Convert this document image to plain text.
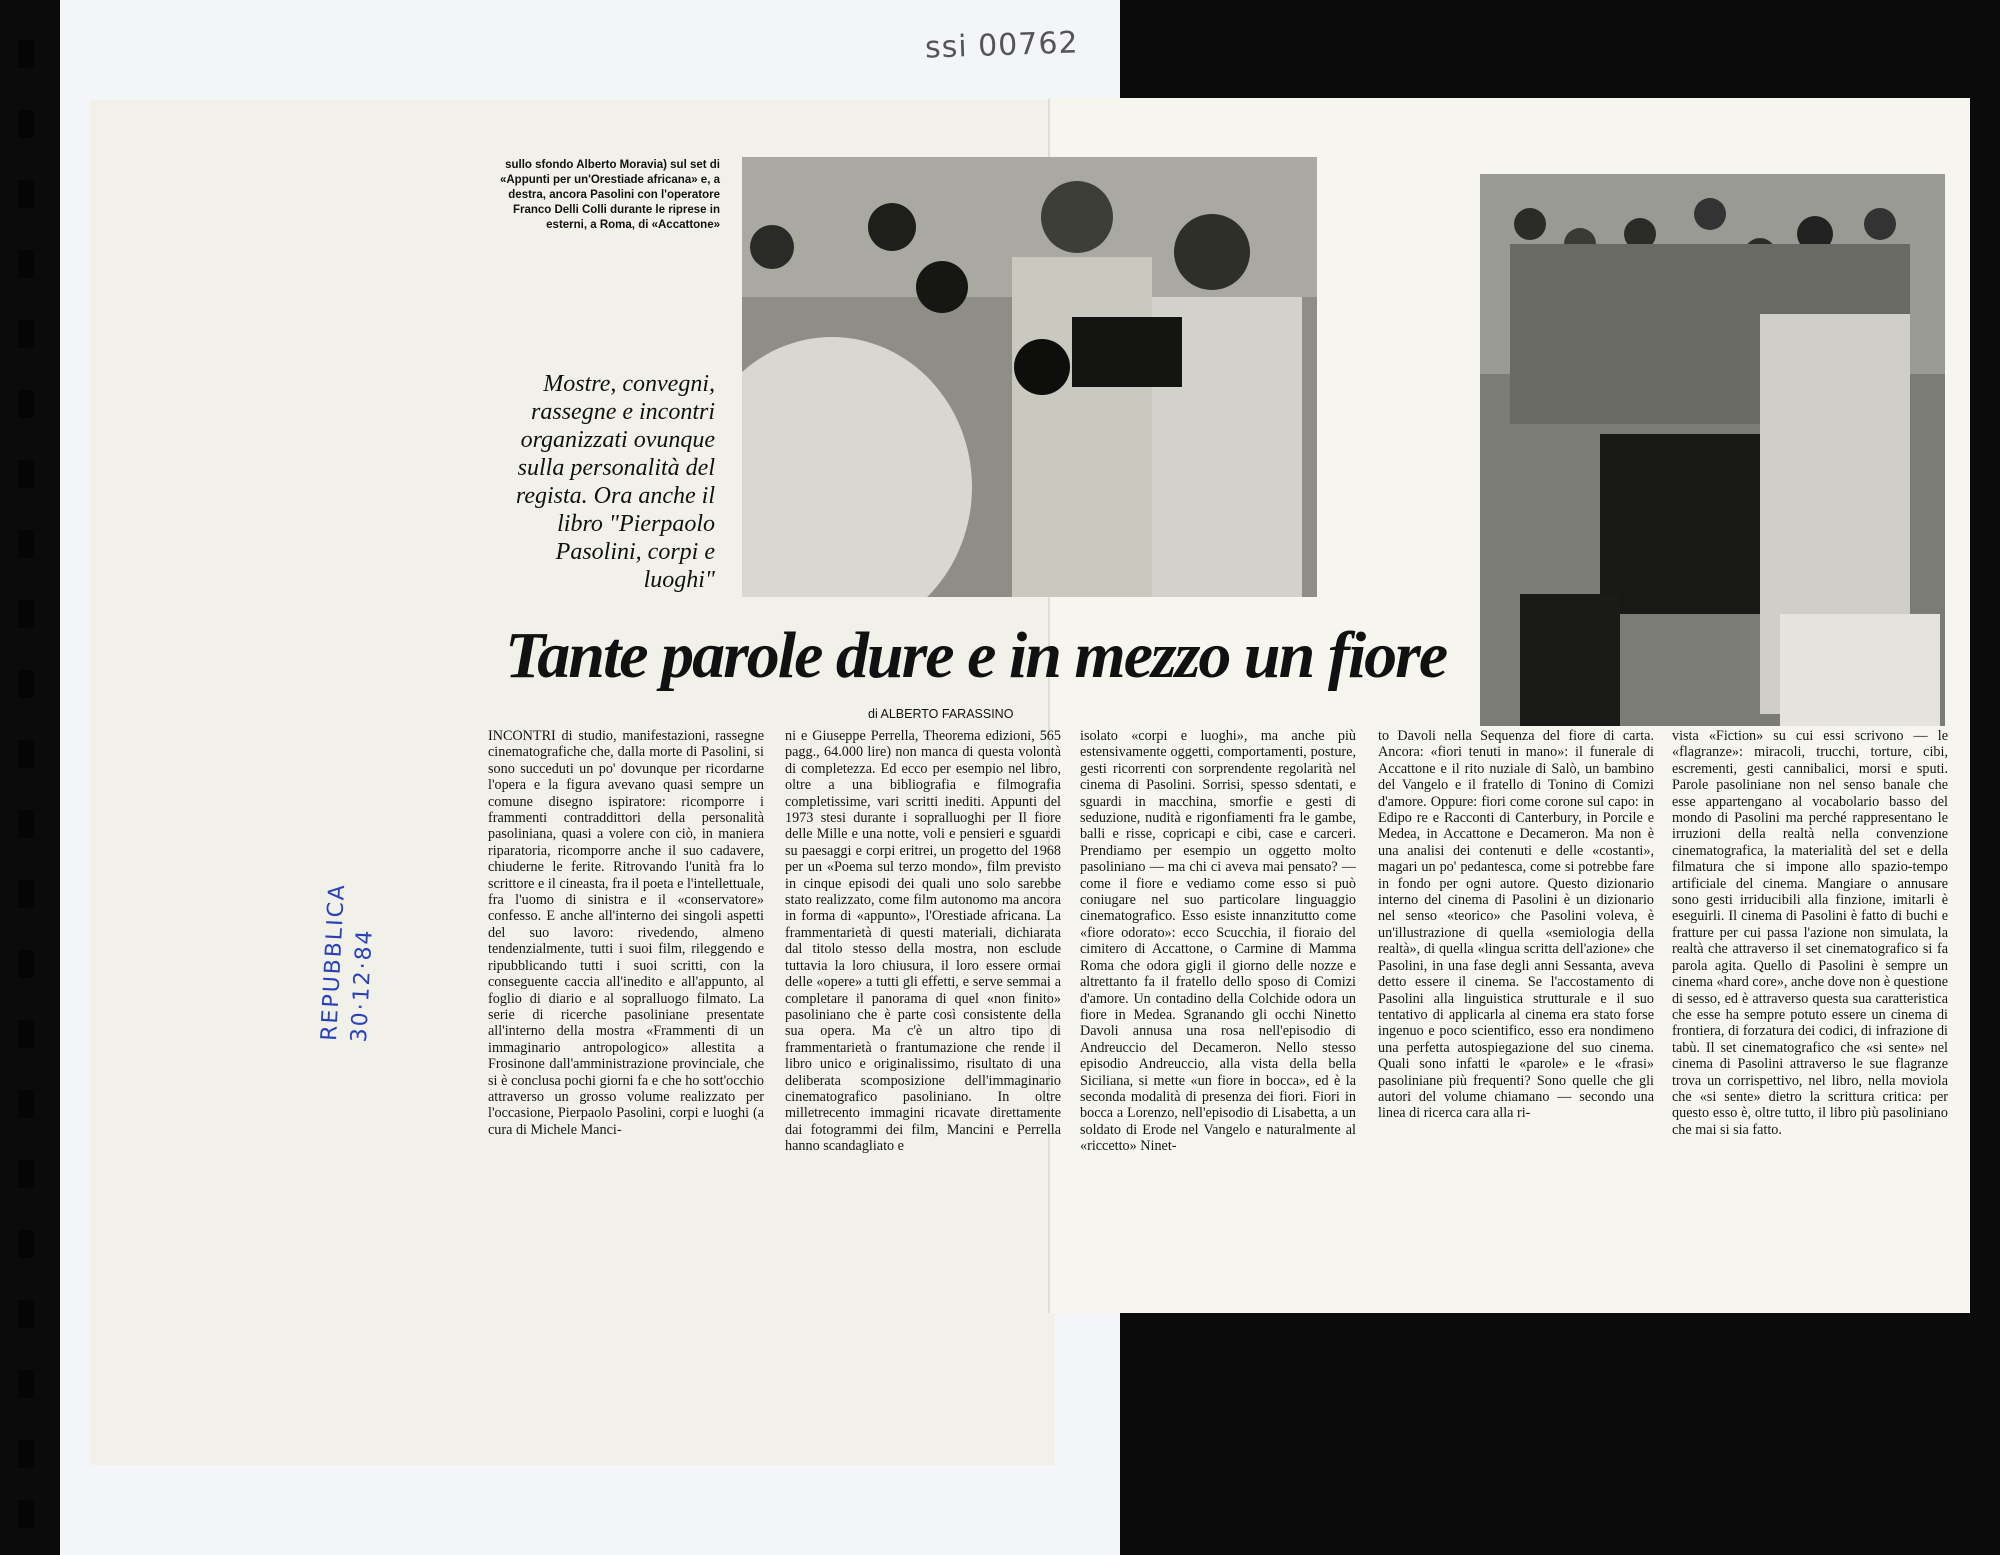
ssi 00762
sullo sfondo Alberto Moravia) sul set di «Appunti per un'Orestiade africana» e, a destra, ancora Pasolini con l'operatore Franco Delli Colli durante le riprese in esterni, a Roma, di «Accattone»
Mostre, convegni, rassegne e incontri organizzati ovunque sulla personalità del regista. Ora anche il libro "Pierpaolo Pasolini, corpi e luoghi"
Tante parole dure e in mezzo un fiore
di ALBERTO FARASSINO

INCONTRI di studio, manifestazioni, rassegne cinematografiche che, dalla morte di Pasolini, si sono succeduti un po' dovunque per ricordarne l'opera e la figura avevano quasi sempre un comune disegno ispiratore: ricomporre i frammenti contraddittori della personalità pasoliniana, quasi a volere con ciò, in maniera riparatoria, ricomporre anche il suo cadavere, chiuderne le ferite. Ritrovando l'unità fra lo scrittore e il cineasta, fra il poeta e l'intellettuale, fra l'uomo di sinistra e il «conservatore» confesso. E anche all'interno dei singoli aspetti del suo lavoro: rivedendo, almeno tendenzialmente, tutti i suoi film, rileggendo e ripubblicando tutti i suoi scritti, con la conseguente caccia all'inedito e all'appunto, al foglio di diario e al sopralluogo filmato. La serie di ricerche pasoliniane presentate all'interno della mostra «Frammenti di un immaginario antropologico» allestita a Frosinone dall'amministrazione provinciale, che si è conclusa pochi giorni fa e che ho sott'occhio attraverso un grosso volume realizzato per l'occasione, Pierpaolo Pasolini, corpi e luoghi (a cura di Michele Manci-

ni e Giuseppe Perrella, Theorema edizioni, 565 pagg., 64.000 lire) non manca di questa volontà di completezza. Ed ecco per esempio nel libro, oltre a una bibliografia e filmografia completissime, vari scritti inediti. Appunti del 1973 stesi durante i sopralluoghi per Il fiore delle Mille e una notte, voli e pensieri e sguardi su paesaggi e corpi eritrei, un progetto del 1968 per un «Poema sul terzo mondo», film previsto in cinque episodi dei quali uno solo sarebbe stato realizzato, come film autonomo ma ancora in forma di «appunto», l'Orestiade africana. La frammentarietà di questi materiali, dichiarata dal titolo stesso della mostra, non esclude tuttavia la loro chiusura, il loro essere ormai delle «opere» a tutti gli effetti, e serve semmai a completare il panorama di quel «non finito» pasoliniano che è parte così consistente della sua opera. Ma c'è un altro tipo di frammentarietà o frantumazione che rende il libro unico e originalissimo, risultato di una deliberata scomposizione dell'immaginario cinematografico pasoliniano. In oltre milletrecento immagini ricavate direttamente dai fotogrammi dei film, Mancini e Perrella hanno scandagliato e

isolato «corpi e luoghi», ma anche più estensivamente oggetti, comportamenti, posture, gesti ricorrenti con sorprendente regolarità nel cinema di Pasolini. Sorrisi, spesso sdentati, e sguardi in macchina, smorfie e gesti di seduzione, nudità e rigonfiamenti fra le gambe, balli e risse, copricapi e cibi, case e carceri. Prendiamo per esempio un oggetto molto pasoliniano — ma chi ci aveva mai pensato? — come il fiore e vediamo come esso si può coniugare nel suo particolare linguaggio cinematografico. Esso esiste innanzitutto come «fiore odorato»: ecco Scucchia, il fioraio del cimitero di Accattone, o Carmine di Mamma Roma che odora gigli il giorno delle nozze e altrettanto fa il fratello dello sposo di Comizi d'amore. Un contadino della Colchide odora un fiore in Medea. Sgranando gli occhi Ninetto Davoli annusa una rosa nell'episodio di Andreuccio del Decameron. Nello stesso episodio Andreuccio, alla vista della bella Siciliana, si mette «un fiore in bocca», ed è la seconda modalità di presenza dei fiori. Fiori in bocca a Lorenzo, nell'episodio di Lisabetta, a un soldato di Erode nel Vangelo e naturalmente al «riccetto» Ninet-

to Davoli nella Sequenza del fiore di carta. Ancora: «fiori tenuti in mano»: il funerale di Accattone e il rito nuziale di Salò, un bambino del Vangelo e il fratello di Tonino di Comizi d'amore. Oppure: fiori come corone sul capo: in Edipo re e Racconti di Canterbury, in Porcile e Medea, in Accattone e Decameron. Ma non è una analisi dei contenuti e delle «costanti», magari un po' pedantesca, come si potrebbe fare in fondo per ogni autore. Questo dizionario interno del cinema di Pasolini è un dizionario nel senso «teorico» che Pasolini voleva, è un'illustrazione di quella «semiologia della realtà», di quella «lingua scritta dell'azione» che Pasolini, in una fase degli anni Sessanta, aveva detto essere il cinema. Se l'accostamento di Pasolini alla linguistica strutturale e il suo tentativo di applicarla al cinema era stato forse ingenuo e poco scientifico, esso era nondimeno una perfetta autospiegazione del suo cinema. Quali sono infatti le «parole» e le «frasi» pasoliniane più frequenti? Sono quelle che gli autori del volume chiamano — secondo una linea di ricerca cara alla ri-

vista «Fiction» su cui essi scrivono — le «flagranze»: miracoli, trucchi, torture, cibi, escrementi, gesti cannibalici, morsi e sputi. Parole pasoliniane non nel senso banale che esse appartengano al vocabolario basso del mondo di Pasolini ma perché rappresentano le irruzioni della realtà nella convenzione cinematografica, la materialità del set e della filmatura che si impone allo spazio-tempo artificiale del cinema. Mangiare o annusare sono gesti irriducibili alla finzione, imitarli è eseguirli. Il cinema di Pasolini è fatto di buchi e fratture per cui passa l'azione non simulata, la realtà che attraverso il set cinematografico si fa parola agita. Quello di Pasolini è sempre un cinema «hard core», anche dove non è questione di sesso, ed è attraverso questa sua caratteristica che esse ha sempre potuto essere un cinema di frontiera, di forzatura dei codici, di infrazione di tabù. Il set cinematografico che «si sente» nel cinema di Pasolini attraverso le sue flagranze trova un corrispettivo, nel libro, nella moviola che «si sente» dietro la scrittura critica: per questo esso è, oltre tutto, il libro più pasoliniano che mai si sia fatto.

REPUBBLICA
30·12·84
